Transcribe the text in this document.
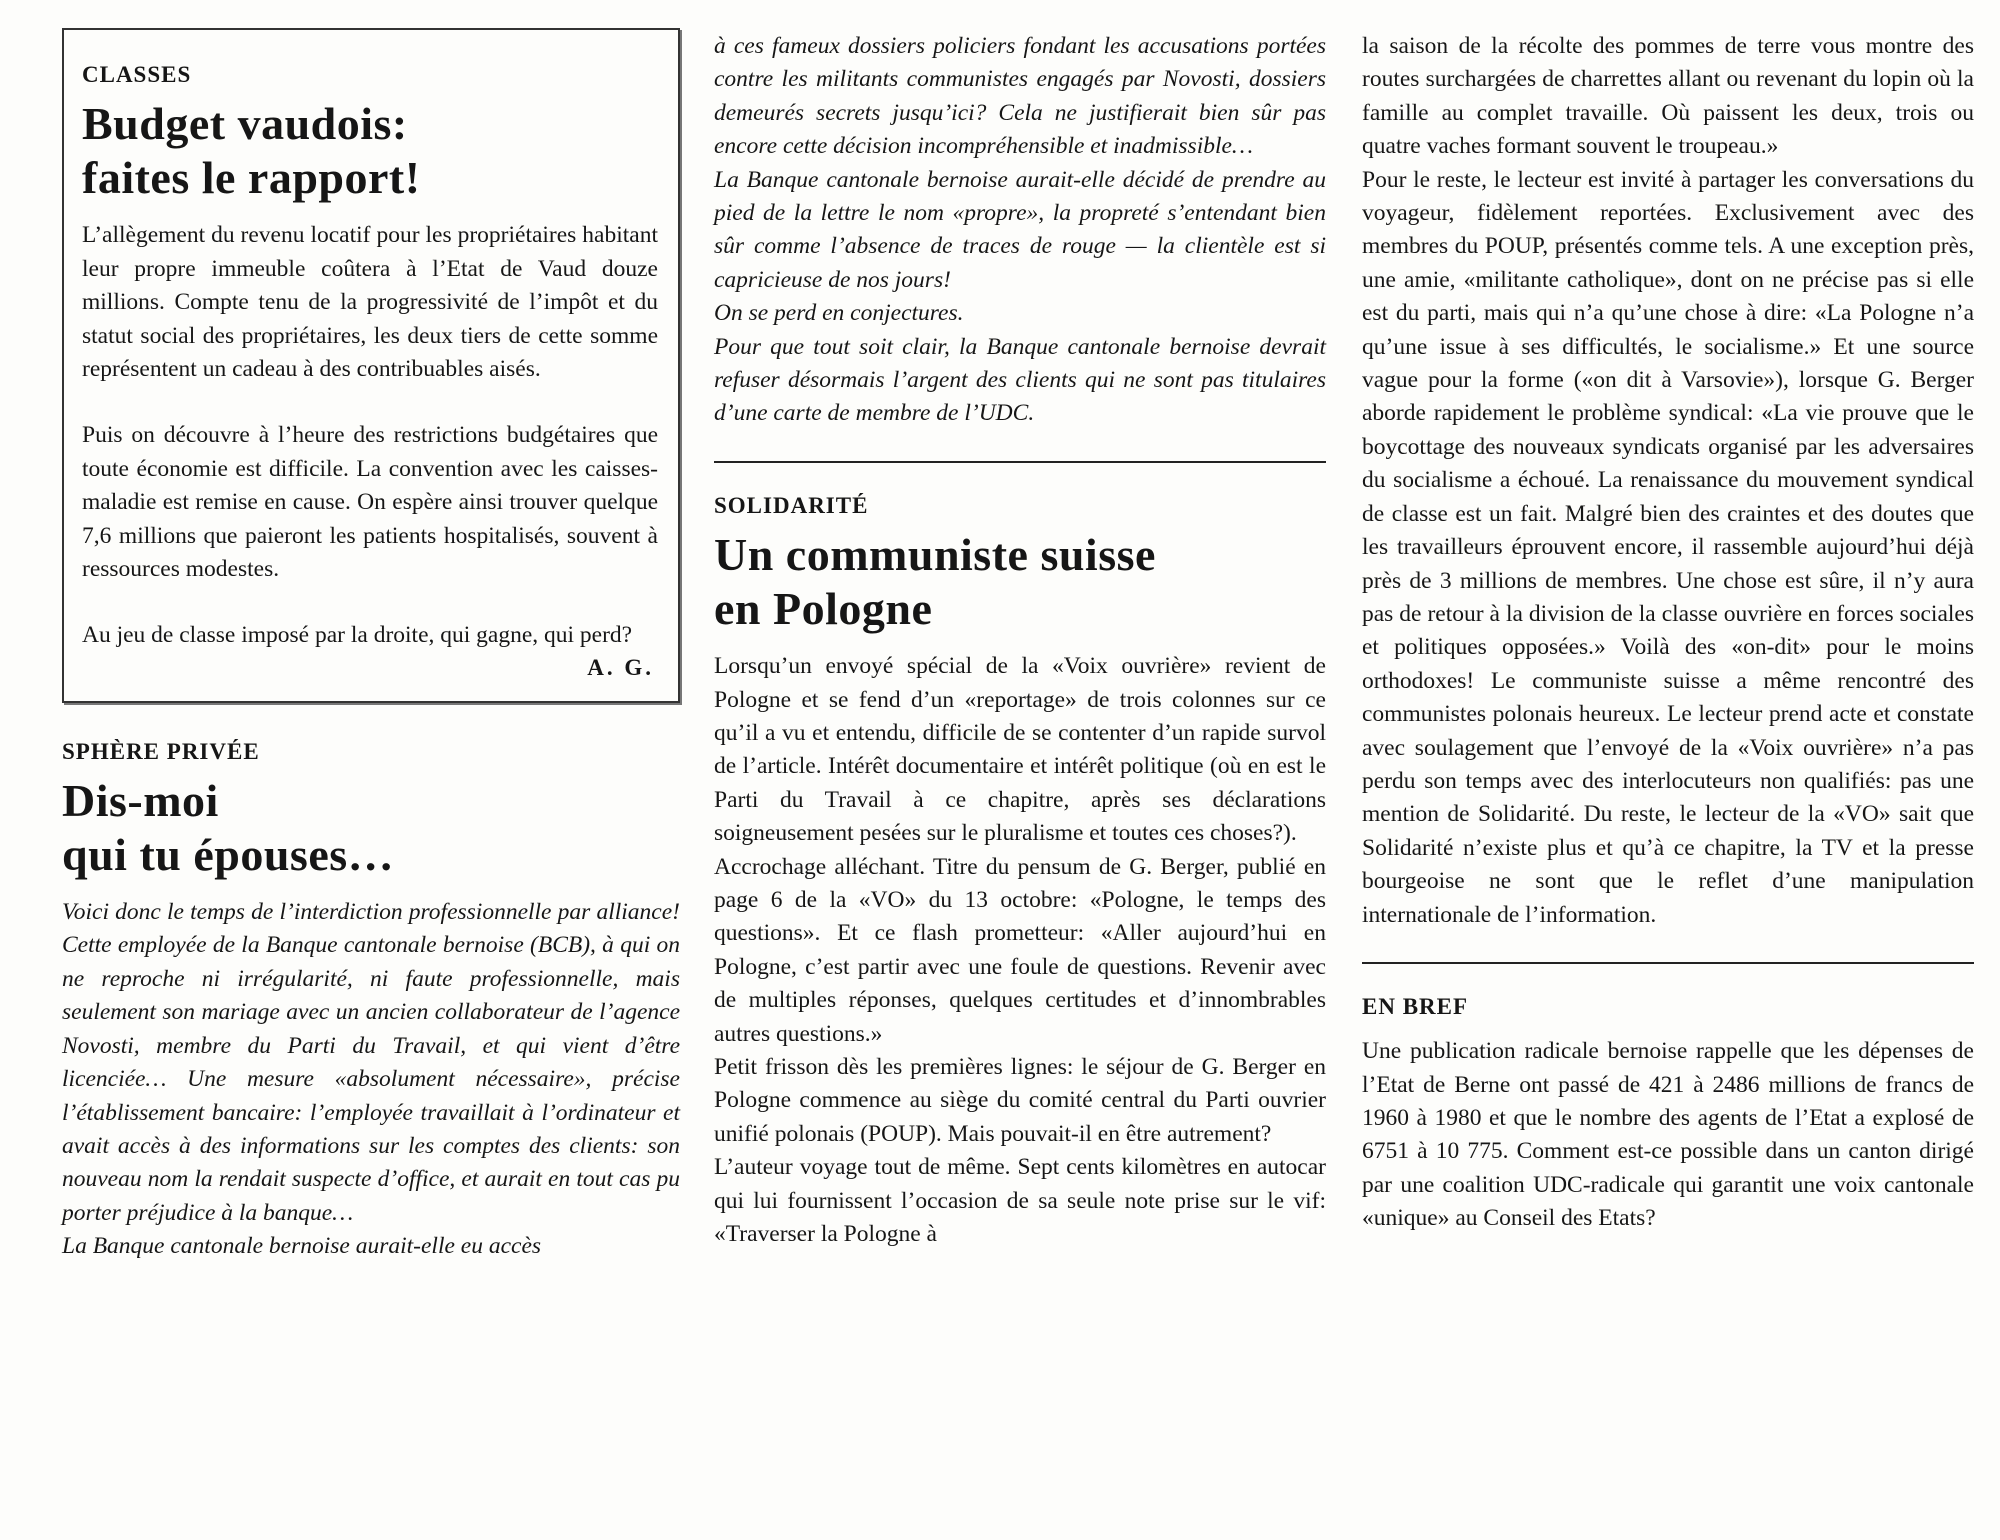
CLASSES
Budget vaudois:
faites le rapport!

L’allègement du revenu locatif pour les propriétaires habitant leur propre immeuble coûtera à l’Etat de Vaud douze millions. Compte tenu de la progressivité de l’impôt et du statut social des propriétaires, les deux tiers de cette somme représentent un cadeau à des contribuables aisés.

Puis on découvre à l’heure des restrictions budgétaires que toute économie est difficile. La convention avec les caisses-maladie est remise en cause. On espère ainsi trouver quelque 7,6 millions que paieront les patients hospitalisés, souvent à ressources modestes.

Au jeu de classe imposé par la droite, qui gagne, qui perd?

A. G.
SPHÈRE PRIVÉE
Dis-moi
qui tu épouses…

Voici donc le temps de l’interdiction professionnelle par alliance! Cette employée de la Banque cantonale bernoise (BCB), à qui on ne reproche ni irrégularité, ni faute professionnelle, mais seulement son mariage avec un ancien collaborateur de l’agence Novosti, membre du Parti du Travail, et qui vient d’être licenciée… Une mesure «absolument nécessaire», précise l’établissement bancaire: l’employée travaillait à l’ordinateur et avait accès à des informations sur les comptes des clients: son nouveau nom la rendait suspecte d’office, et aurait en tout cas pu porter préjudice à la banque…

La Banque cantonale bernoise aurait-elle eu accès

à ces fameux dossiers policiers fondant les accusations portées contre les militants communistes engagés par Novosti, dossiers demeurés secrets jusqu’ici? Cela ne justifierait bien sûr pas encore cette décision incompréhensible et inadmissible…

La Banque cantonale bernoise aurait-elle décidé de prendre au pied de la lettre le nom «propre», la propreté s’entendant bien sûr comme l’absence de traces de rouge — la clientèle est si capricieuse de nos jours!

On se perd en conjectures.

Pour que tout soit clair, la Banque cantonale bernoise devrait refuser désormais l’argent des clients qui ne sont pas titulaires d’une carte de membre de l’UDC.

SOLIDARITÉ
Un communiste suisse
en Pologne

Lorsqu’un envoyé spécial de la «Voix ouvrière» revient de Pologne et se fend d’un «reportage» de trois colonnes sur ce qu’il a vu et entendu, difficile de se contenter d’un rapide survol de l’article. Intérêt documentaire et intérêt politique (où en est le Parti du Travail à ce chapitre, après ses déclarations soigneusement pesées sur le pluralisme et toutes ces choses?).

Accrochage alléchant. Titre du pensum de G. Berger, publié en page 6 de la «VO» du 13 octobre: «Pologne, le temps des questions». Et ce flash prometteur: «Aller aujourd’hui en Pologne, c’est partir avec une foule de questions. Revenir avec de multiples réponses, quelques certitudes et d’innombrables autres questions.»

Petit frisson dès les premières lignes: le séjour de G. Berger en Pologne commence au siège du comité central du Parti ouvrier unifié polonais (POUP). Mais pouvait-il en être autrement?

L’auteur voyage tout de même. Sept cents kilomètres en autocar qui lui fournissent l’occasion de sa seule note prise sur le vif: «Traverser la Pologne à

la saison de la récolte des pommes de terre vous montre des routes surchargées de charrettes allant ou revenant du lopin où la famille au complet travaille. Où paissent les deux, trois ou quatre vaches formant souvent le troupeau.»

Pour le reste, le lecteur est invité à partager les conversations du voyageur, fidèlement reportées. Exclusivement avec des membres du POUP, présentés comme tels. A une exception près, une amie, «militante catholique», dont on ne précise pas si elle est du parti, mais qui n’a qu’une chose à dire: «La Pologne n’a qu’une issue à ses difficultés, le socialisme.» Et une source vague pour la forme («on dit à Varsovie»), lorsque G. Berger aborde rapidement le problème syndical: «La vie prouve que le boycottage des nouveaux syndicats organisé par les adversaires du socialisme a échoué. La renaissance du mouvement syndical de classe est un fait. Malgré bien des craintes et des doutes que les travailleurs éprouvent encore, il rassemble aujourd’hui déjà près de 3 millions de membres. Une chose est sûre, il n’y aura pas de retour à la division de la classe ouvrière en forces sociales et politiques opposées.» Voilà des «on-dit» pour le moins orthodoxes! Le communiste suisse a même rencontré des communistes polonais heureux. Le lecteur prend acte et constate avec soulagement que l’envoyé de la «Voix ouvrière» n’a pas perdu son temps avec des interlocuteurs non qualifiés: pas une mention de Solidarité. Du reste, le lecteur de la «VO» sait que Solidarité n’existe plus et qu’à ce chapitre, la TV et la presse bourgeoise ne sont que le reflet d’une manipulation internationale de l’information.

EN BREF

Une publication radicale bernoise rappelle que les dépenses de l’Etat de Berne ont passé de 421 à 2486 millions de francs de 1960 à 1980 et que le nombre des agents de l’Etat a explosé de 6751 à 10 775. Comment est-ce possible dans un canton dirigé par une coalition UDC-radicale qui garantit une voix cantonale «unique» au Conseil des Etats?
